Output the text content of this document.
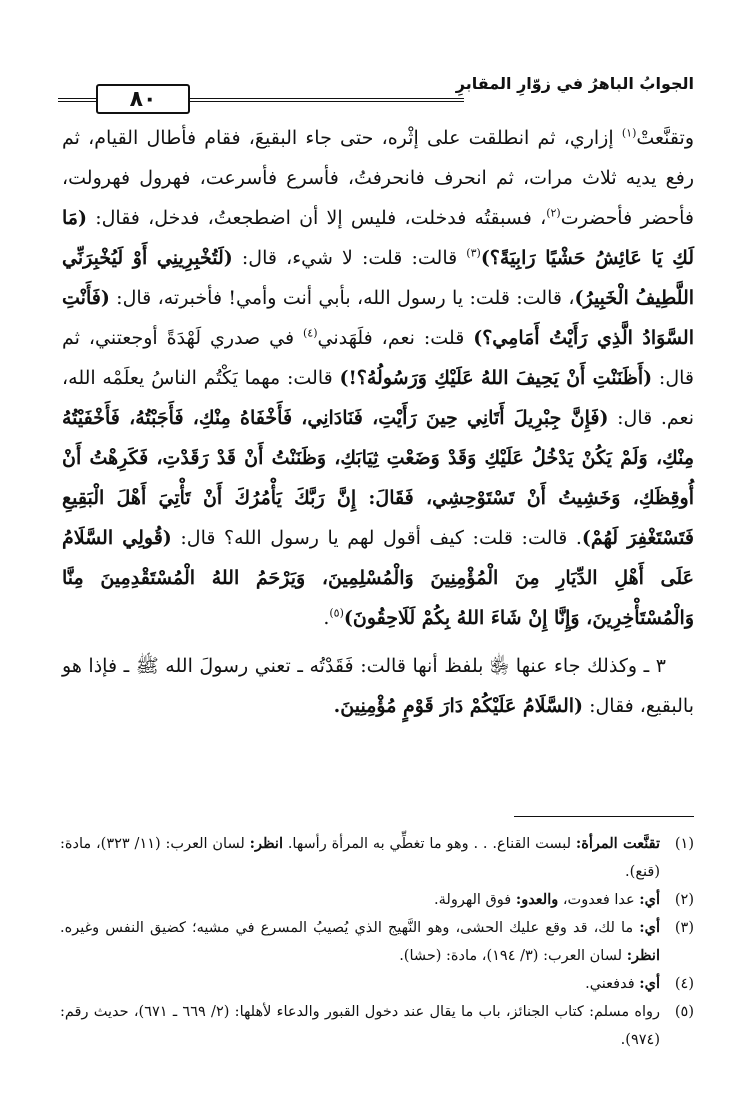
الجوابُ الباهرُ في زوّارِ المقابرِ
٨٠

وتقنَّعتْ$^{(١)}$ إزاري، ثم انطلقت على إثْره، حتى جاء البقيعَ، فقام فأطال القيام، ثم رفع يديه ثلاث مرات، ثم انحرف فانحرفتُ، فأسرع فأسرعت، فهرول فهرولت، فأحضر فأحضرت$^{(٢)}$، فسبقتُه فدخلت، فليس إلا أن اضطجعتُ، فدخل، فقال: (مَا لَكِ يَا عَائِشُ حَشْيًا رَابِيَةً؟)$^{(٣)}$ قالت: قلت: لا شيء، قال: (لَتُخْبِرِينِي أَوْ لَيُخْبِرَنِّي اللَّطِيفُ الْخَبِيرُ)، قالت: قلت: يا رسول الله، بأبي أنت وأمي! فأخبرته، قال: (فَأَنْتِ السَّوَادُ الَّذِي رَأَيْتُ أَمَامِي؟) قلت: نعم، فلَهَدني$^{(٤)}$ في صدري لَهْدَةً أوجعتني، ثم قال: (أَظَنَنْتِ أَنْ يَحِيفَ اللهُ عَلَيْكِ وَرَسُولُهُ؟!) قالت: مهما يَكْتُم الناسُ يعلَمْه الله، نعم. قال: (فَإِنَّ جِبْرِيلَ أَتَانِي حِينَ رَأَيْتِ، فَنَادَانِي، فَأَخْفَاهُ مِنْكِ، فَأَجَبْتُهُ، فَأَخْفَيْتُهُ مِنْكِ، وَلَمْ يَكُنْ يَدْخُلُ عَلَيْكِ وَقَدْ وَضَعْتِ ثِيَابَكِ، وَظَنَنْتُ أَنْ قَدْ رَقَدْتِ، فَكَرِهْتُ أَنْ أُوقِظَكِ، وَخَشِيتُ أَنْ تَسْتَوْحِشِي، فَقَالَ: إِنَّ رَبَّكَ يَأْمُرُكَ أَنْ تَأْتِيَ أَهْلَ الْبَقِيعِ فَتَسْتَغْفِرَ لَهُمْ). قالت: قلت: كيف أقول لهم يا رسول الله؟ قال: (قُولِي السَّلَامُ عَلَى أَهْلِ الدِّيَارِ مِنَ الْمُؤْمِنِينَ وَالْمُسْلِمِينَ، وَيَرْحَمُ اللهُ الْمُسْتَقْدِمِينَ مِنَّا وَالْمُسْتَأْخِرِينَ، وَإِنَّا إِنْ شَاءَ اللهُ بِكُمْ لَلَاحِقُونَ)$^{(٥)}$.

٣ ـ وكذلك جاء عنها ﵂ بلفظ أنها قالت: فَقَدْتُه ـ تعني رسولَ الله ﷺ ـ فإذا هو بالبقيع، فقال: (السَّلَامُ عَلَيْكُمْ دَارَ قَوْمٍ مُؤْمِنِينَ.

(١)
تقنَّعت المرأة: لبست القناع. . . وهو ما تغطِّي به المرأة رأسها. انظر: لسان العرب: (١١/ ٣٢٣)، مادة: (قنع).
(٢)
أي: عدا فعدوت، والعدو: فوق الهرولة.
(٣)
أي: ما لك، قد وقع عليك الحشى، وهو النَّهيج الذي يُصيبُ المسرع في مشيه؛ كضيق النفس وغيره. انظر: لسان العرب: (٣/ ١٩٤)، مادة: (حشا).
(٤)
أي: فدفعني.
(٥)
رواه مسلم: كتاب الجنائز، باب ما يقال عند دخول القبور والدعاء لأهلها: (٢/ ٦٦٩ ـ ٦٧١)، حديث رقم: (٩٧٤).
